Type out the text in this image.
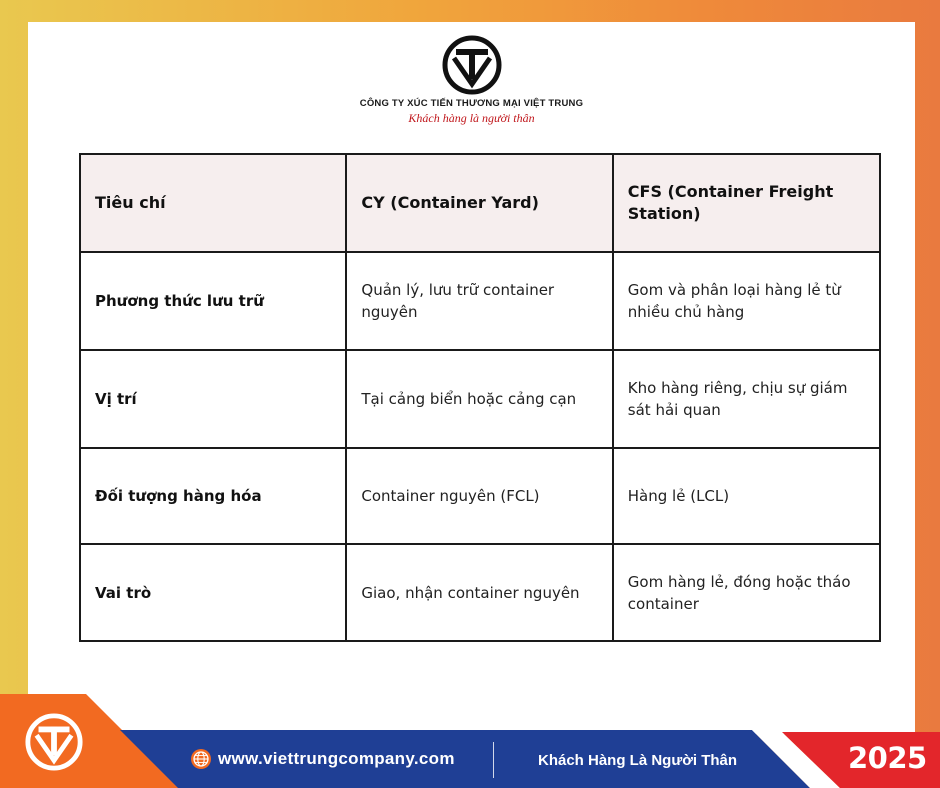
CÔNG TY XÚC TIẾN THƯƠNG MẠI VIỆT TRUNG
Khách hàng là người thân
Tiêu chí	CY (Container Yard)	CFS (Container Freight Station)
Phương thức lưu trữ	Quản lý, lưu trữ container nguyên	Gom và phân loại hàng lẻ từ nhiều chủ hàng
Vị trí	Tại cảng biển hoặc cảng cạn	Kho hàng riêng, chịu sự giám sát hải quan
Đối tượng hàng hóa	Container nguyên (FCL)	Hàng lẻ (LCL)
Vai trò	Giao, nhận container nguyên	Gom hàng lẻ, đóng hoặc tháo container
www.viettrungcompany.com	Khách Hàng Là Người Thân	2025
